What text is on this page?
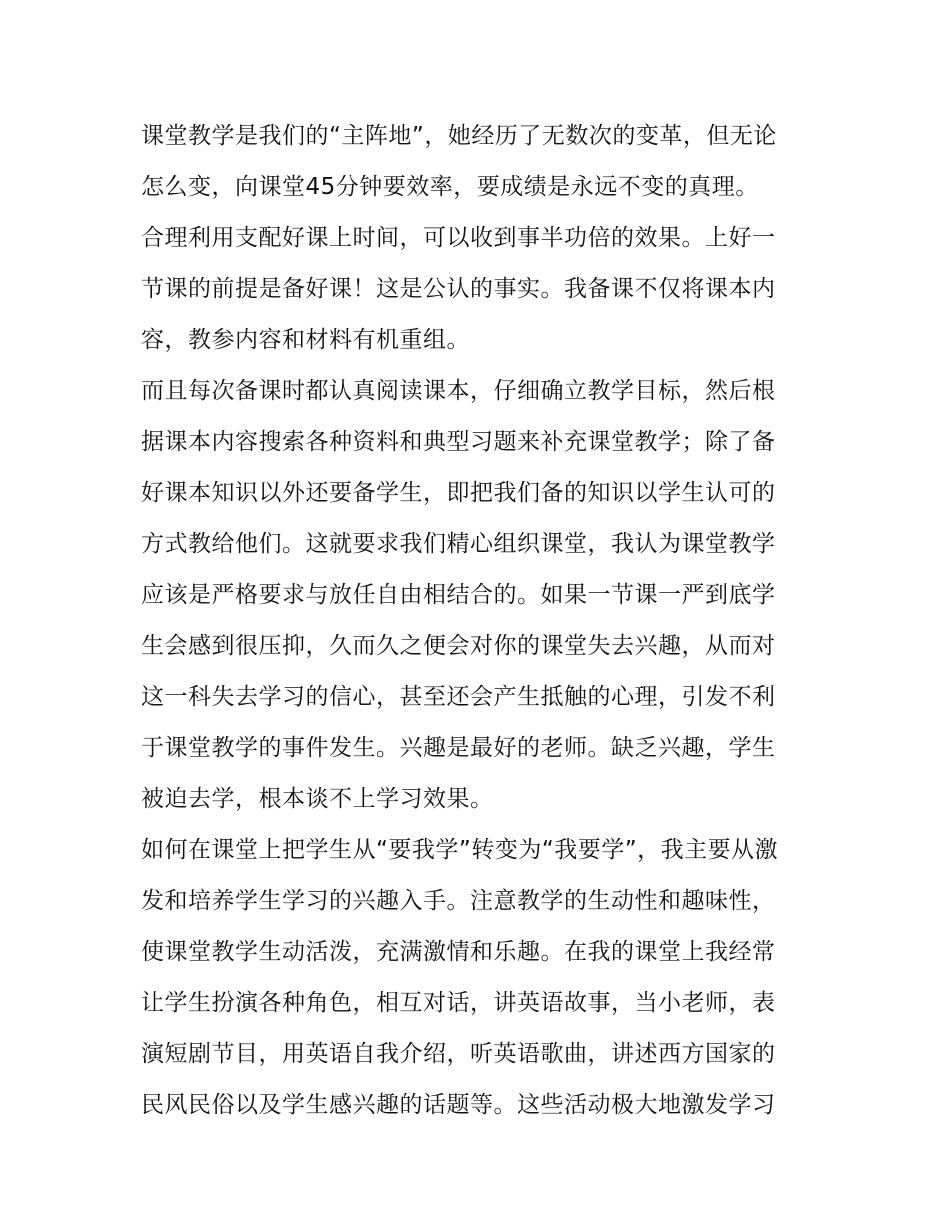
课堂教学是我们的“主阵地”，她经历了无数次的变革，但无论
怎么变，向课堂45分钟要效率，要成绩是永远不变的真理。
合理利用支配好课上时间，可以收到事半功倍的效果。上好一
节课的前提是备好课！这是公认的事实。我备课不仅将课本内
容，教参内容和材料有机重组。
而且每次备课时都认真阅读课本，仔细确立教学目标，然后根
据课本内容搜索各种资料和典型习题来补充课堂教学；除了备
好课本知识以外还要备学生，即把我们备的知识以学生认可的
方式教给他们。这就要求我们精心组织课堂，我认为课堂教学
应该是严格要求与放任自由相结合的。如果一节课一严到底学
生会感到很压抑，久而久之便会对你的课堂失去兴趣，从而对
这一科失去学习的信心，甚至还会产生抵触的心理，引发不利
于课堂教学的事件发生。兴趣是最好的老师。缺乏兴趣，学生
被迫去学，根本谈不上学习效果。
如何在课堂上把学生从“要我学”转变为“我要学”，我主要从激
发和培养学生学习的兴趣入手。注意教学的生动性和趣味性，
使课堂教学生动活泼，充满激情和乐趣。在我的课堂上我经常
让学生扮演各种角色，相互对话，讲英语故事，当小老师，表
演短剧节目，用英语自我介绍，听英语歌曲，讲述西方国家的
民风民俗以及学生感兴趣的话题等。这些活动极大地激发学习
